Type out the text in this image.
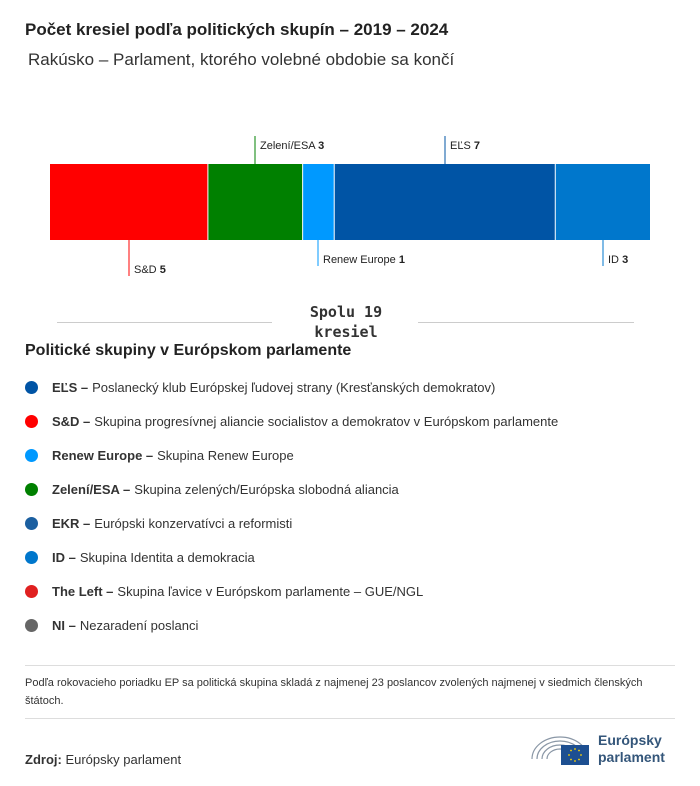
Počet kresiel podľa politických skupín – 2019 – 2024
Rakúsko – Parlament, ktorého volebné obdobie sa končí
S&D 5
Zelení/ESA 3
Renew Europe 1
EĽS 7
ID 3
Spolu 19 kresiel
Politické skupiny v Európskom parlamente
EĽS – Poslanecký klub Európskej ľudovej strany (Kresťanských demokratov)
S&D – Skupina progresívnej aliancie socialistov a demokratov v Európskom parlamente
Renew Europe – Skupina Renew Europe
Zelení/ESA – Skupina zelených/Európska slobodná aliancia
EKR – Európski konzervatívci a reformisti
ID – Skupina Identita a demokracia
The Left – Skupina ľavice v Európskom parlamente – GUE/NGL
NI – Nezaradení poslanci
Podľa rokovacieho poriadku EP sa politická skupina skladá z najmenej 23 poslancov zvolených najmenej v siedmich členských štátoch.
Zdroj: Európsky parlament
Európsky
parlament
